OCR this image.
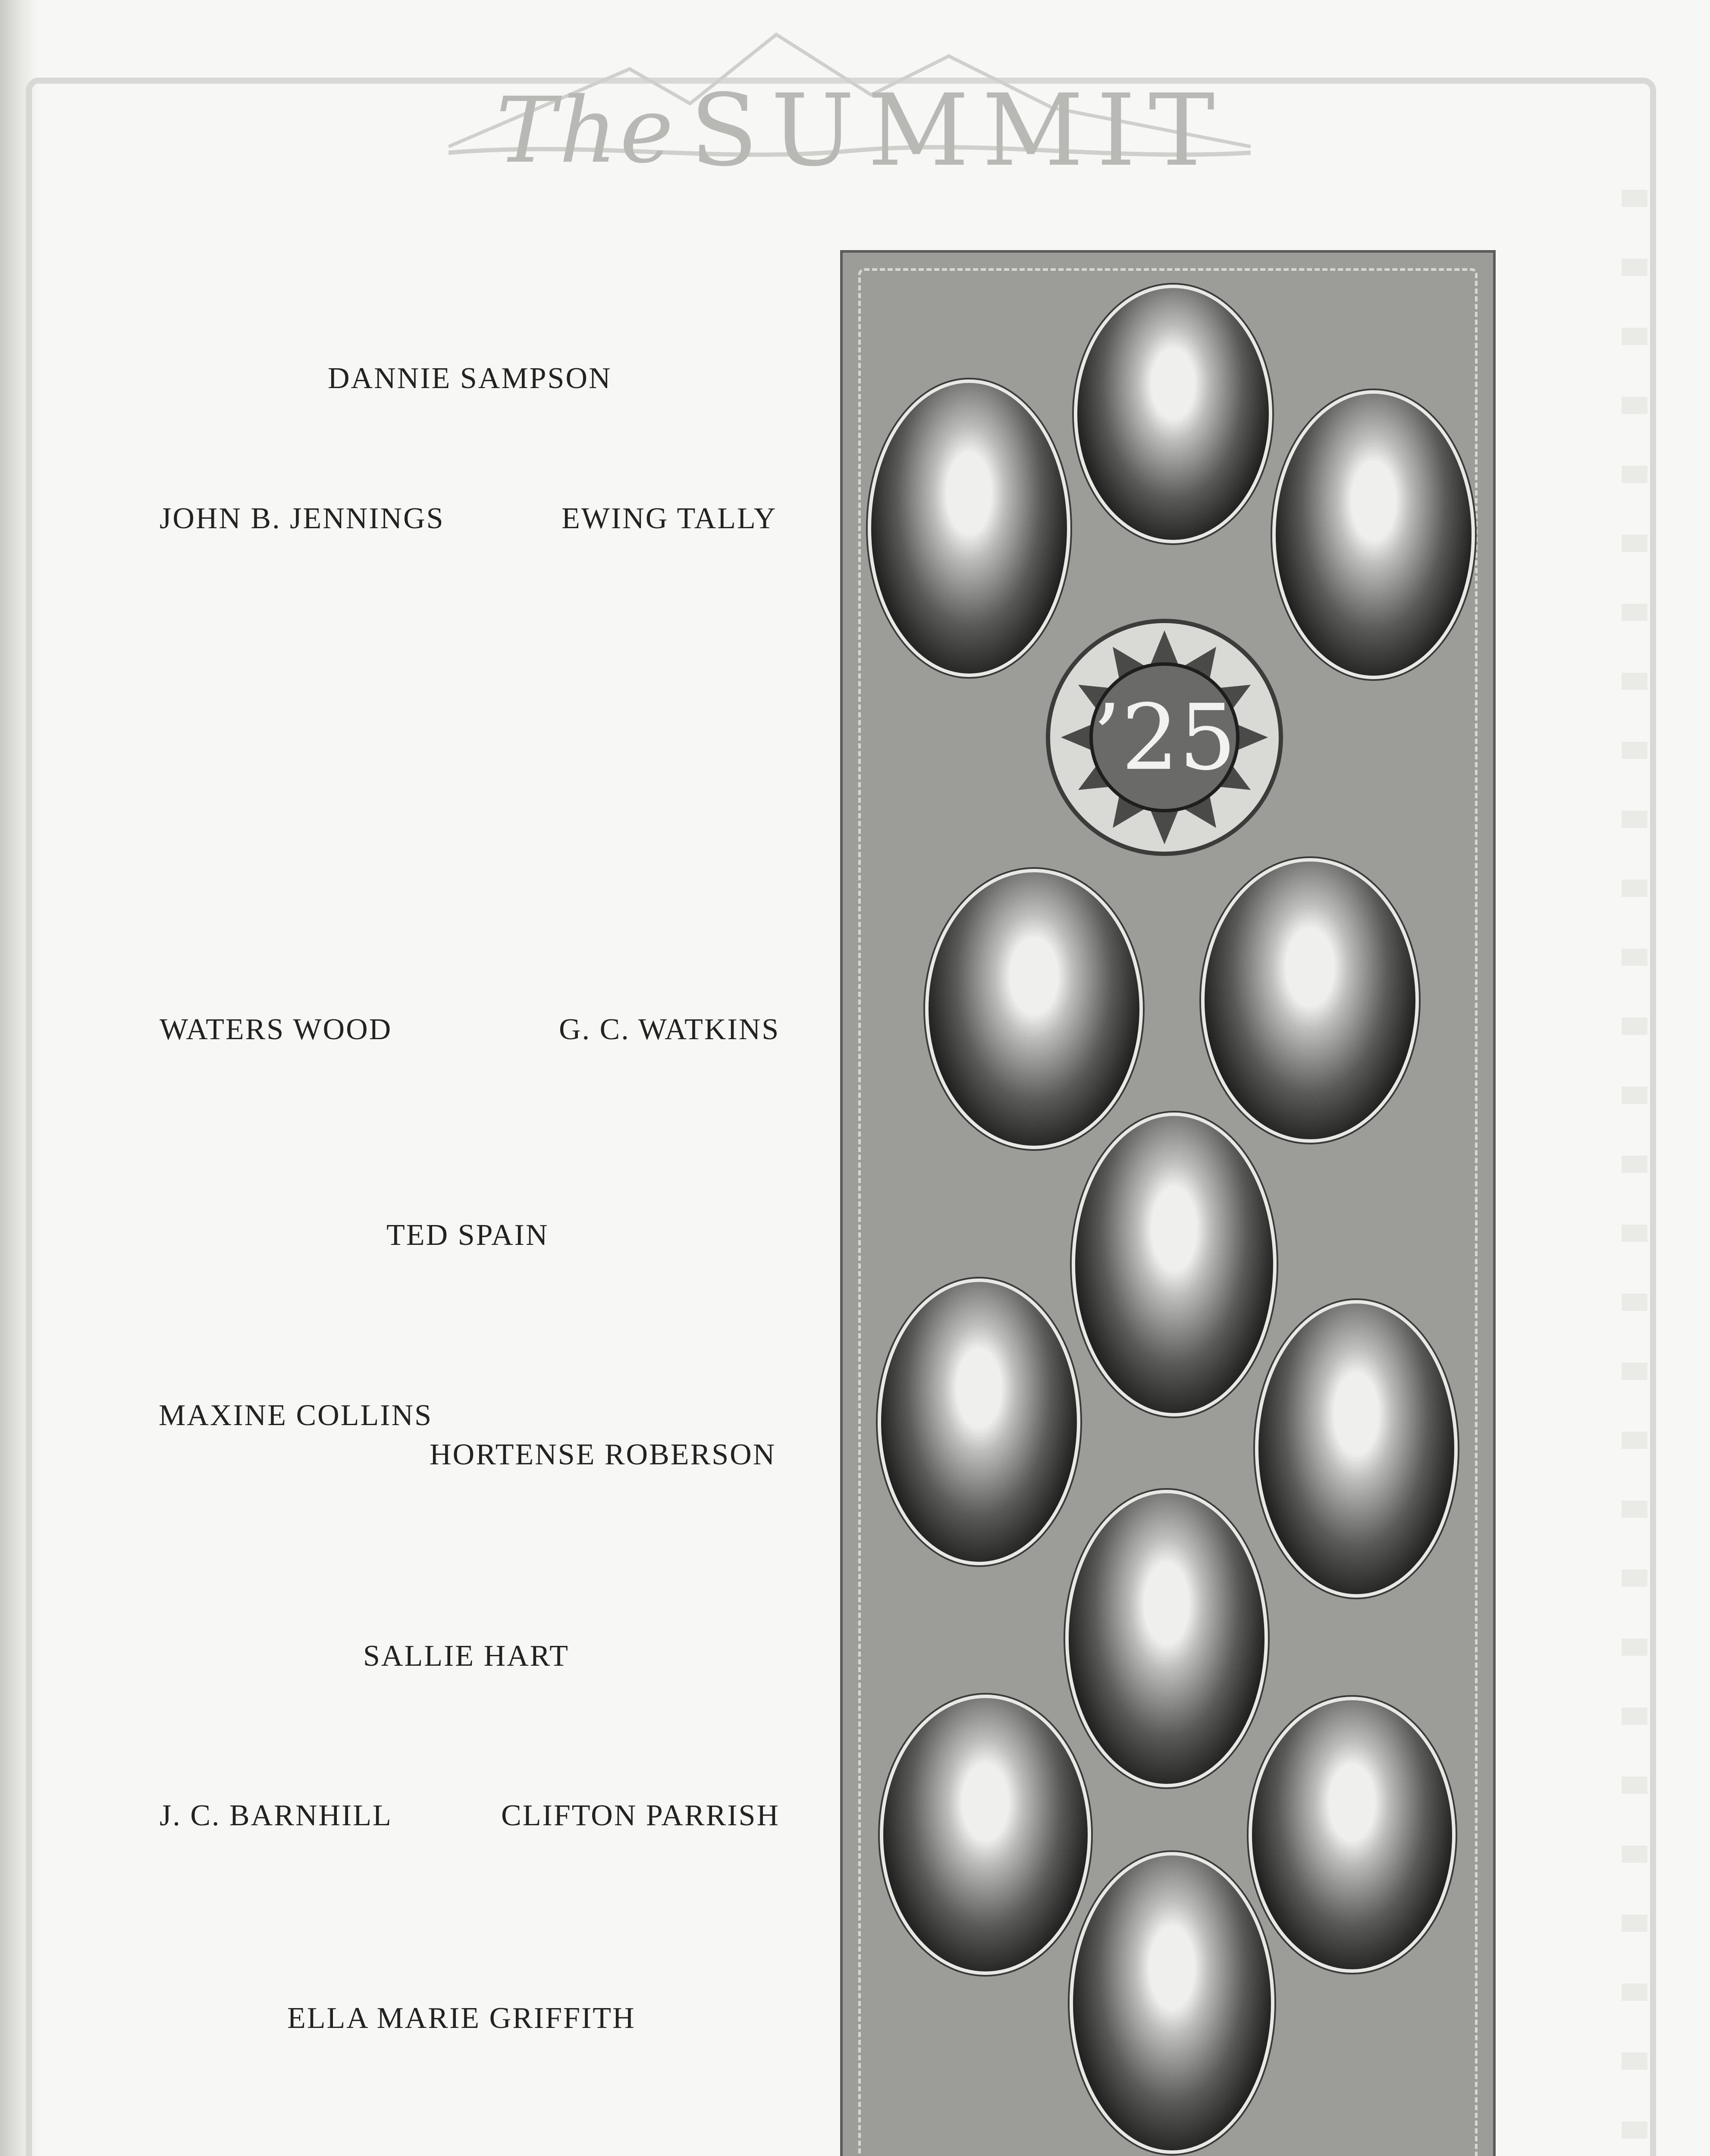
The SUMMIT
DANNIE SAMPSON
JOHN B. JENNINGS	EWING TALLY
WATERS WOOD	G. C. WATKINS
TED SPAIN
MAXINE COLLINS
HORTENSE ROBERSON
SALLIE HART
J. C. BARNHILL	CLIFTON PARRISH
ELLA MARIE GRIFFITH
’25
